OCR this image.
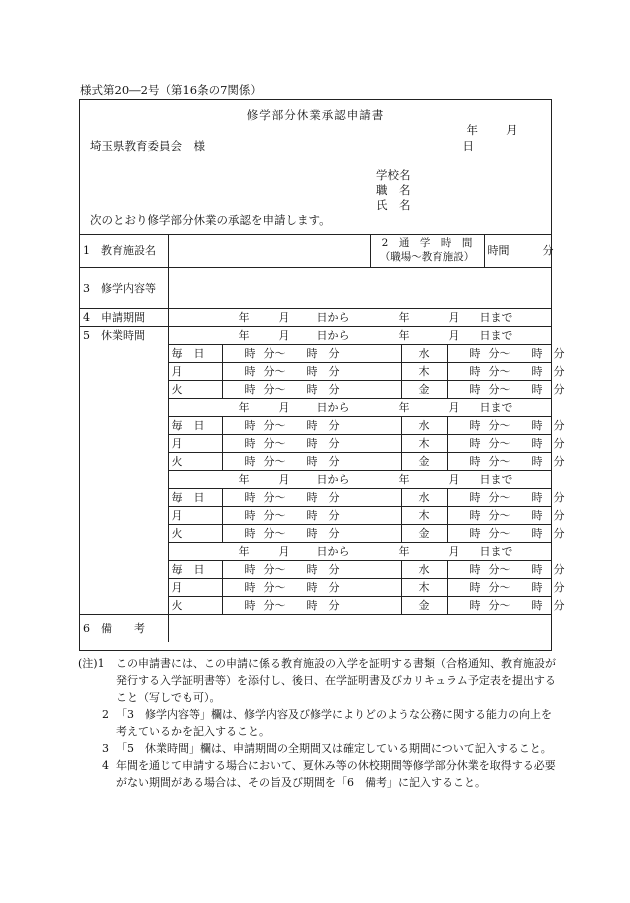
様式第20―2号（第16条の7関係）
修学部分休業承認申請書
年 月 日
埼玉県教育委員会　様
学校名
職　名
氏　名
次のとおり修学部分休業の承認を申請します。
1　教育施設名			2　通　学　時　間
（職場～教育施設）			時間　　　分
3　修学内容等						
4　申請期間	年 月 日から 年 月 日まで					
5　休業時間	年 月 日から 年 月 日まで					
	毎　日	時 分～ 時 分		水	時 分～ 時 分	
	月	時 分～ 時 分		木	時 分～ 時 分	
	火	時 分～ 時 分		金	時 分～ 時 分	
	年 月 日から 年 月 日まで					
	毎　日	時 分～ 時 分		水	時 分～ 時 分	
	月	時 分～ 時 分		木	時 分～ 時 分	
	火	時 分～ 時 分		金	時 分～ 時 分	
	年 月 日から 年 月 日まで					
	毎　日	時 分～ 時 分		水	時 分～ 時 分	
	月	時 分～ 時 分		木	時 分～ 時 分	
	火	時 分～ 時 分		金	時 分～ 時 分	
	年 月 日から 年 月 日まで					
	毎　日	時 分～ 時 分		水	時 分～ 時 分	
	月	時 分～ 時 分		木	時 分～ 時 分	
	火	時 分～ 時 分		金	時 分～ 時 分	
6　備　　考						
(注)1 この申請書には、この申請に係る教育施設の入学を証明する書類（合格通知、教育施設が発行する入学証明書等）を添付し、後日、在学証明書及びカリキュラム予定表を提出すること（写しでも可）。
2 「3　修学内容等」欄は、修学内容及び修学によりどのような公務に関する能力の向上を考えているかを記入すること。
3 「5　休業時間」欄は、申請期間の全期間又は確定している期間について記入すること。
4 年間を通じて申請する場合において、夏休み等の休校期間等修学部分休業を取得する必要がない期間がある場合は、その旨及び期間を「6　備考」に記入すること。
